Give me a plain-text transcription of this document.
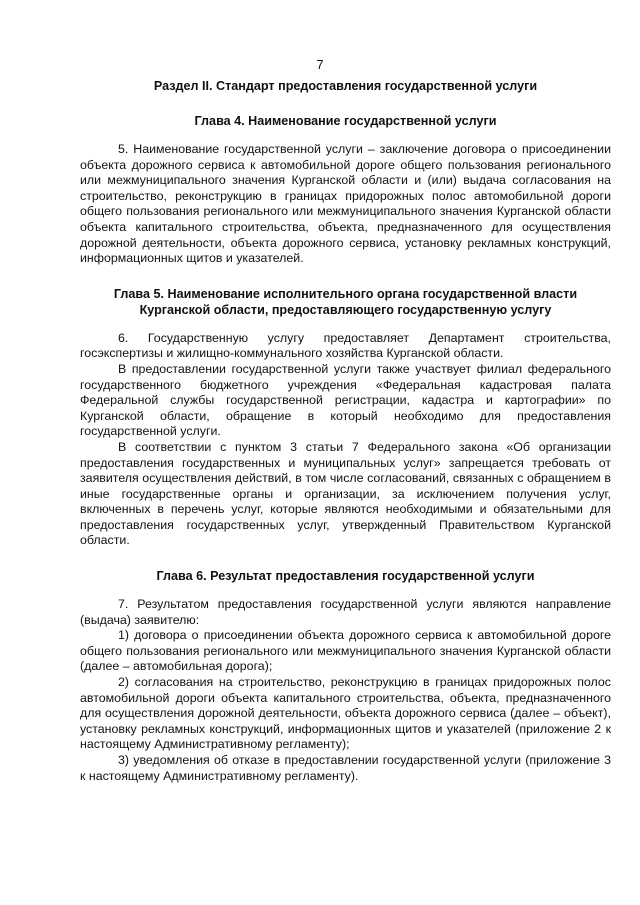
7

Раздел II. Стандарт предоставления государственной услуги

Глава 4. Наименование государственной услуги

5. Наименование государственной услуги – заключение договора о присоединении объекта дорожного сервиса к автомобильной дороге общего пользования регионального или межмуниципального значения Курганской области и (или) выдача согласования на строительство, реконструкцию в границах придорожных полос автомобильной дороги общего пользования регионального или межмуниципального значения Курганской области объекта капитального строительства, объекта, предназначенного для осуществления дорожной деятельности, объекта дорожного сервиса, установку рекламных конструкций, информационных щитов и указателей.

Глава 5. Наименование исполнительного органа государственной власти
Курганской области, предоставляющего государственную услугу

6. Государственную услугу предоставляет Департамент строительства, госэкспертизы и жилищно-коммунального хозяйства Курганской области.

В предоставлении государственной услуги также участвует филиал федерального государственного бюджетного учреждения «Федеральная кадастровая палата Федеральной службы государственной регистрации, кадастра и картографии» по Курганской области, обращение в который необходимо для предоставления государственной услуги.

В соответствии с пунктом 3 статьи 7 Федерального закона «Об организации предоставления государственных и муниципальных услуг» запрещается требовать от заявителя осуществления действий, в том числе согласований, связанных с обращением в иные государственные органы и организации, за исключением получения услуг, включенных в перечень услуг, которые являются необходимыми и обязательными для предоставления государственных услуг, утвержденный Правительством Курганской области.

Глава 6. Результат предоставления государственной услуги

7. Результатом предоставления государственной услуги являются направление (выдача) заявителю:

1) договора о присоединении объекта дорожного сервиса к автомобильной дороге общего пользования регионального или межмуниципального значения Курганской области (далее – автомобильная дорога);

2) согласования на строительство, реконструкцию в границах придорожных полос автомобильной дороги объекта капитального строительства, объекта, предназначенного для осуществления дорожной деятельности, объекта дорожного сервиса (далее – объект), установку рекламных конструкций, информационных щитов и указателей (приложение 2 к настоящему Административному регламенту);

3) уведомления об отказе в предоставлении государственной услуги (приложение 3 к настоящему Административному регламенту).
